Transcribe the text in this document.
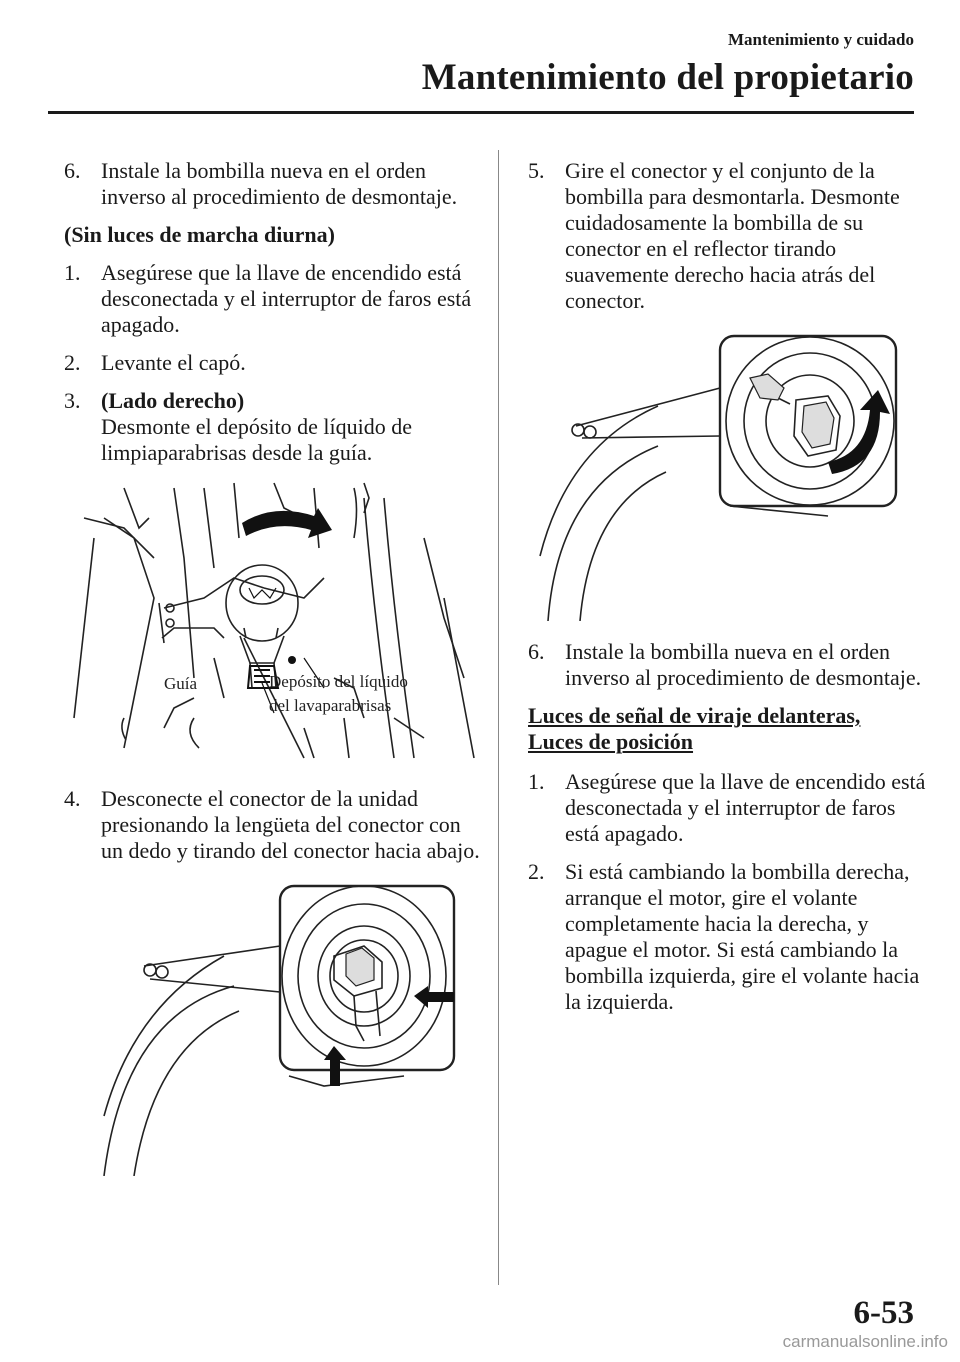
Mantenimiento y cuidado
Mantenimiento del propietario
6. Instale la bombilla nueva en el orden inverso al procedimiento de desmontaje.
(Sin luces de marcha diurna)
1. Asegúrese que la llave de encendido está desconectada y el interruptor de faros está apagado.
2. Levante el capó.
3. (Lado derecho)
Desmonte el depósito de líquido de limpiaparabrisas desde la guía.
Guía	Depósito del líquido
del lavaparabrisas
4. Desconecte el conector de la unidad presionando la lengüeta del conector con un dedo y tirando del conector hacia abajo.
5. Gire el conector y el conjunto de la bombilla para desmontarla. Desmonte cuidadosamente la bombilla de su conector en el reflector tirando suavemente derecho hacia atrás del conector.
6. Instale la bombilla nueva en el orden inverso al procedimiento de desmontaje.
Luces de señal de viraje delanteras,
Luces de posición
1. Asegúrese que la llave de encendido está desconectada y el interruptor de faros está apagado.
2. Si está cambiando la bombilla derecha, arranque el motor, gire el volante completamente hacia la derecha, y apague el motor. Si está cambiando la bombilla izquierda, gire el volante hacia la izquierda.
6-53
carmanualsonline.info
